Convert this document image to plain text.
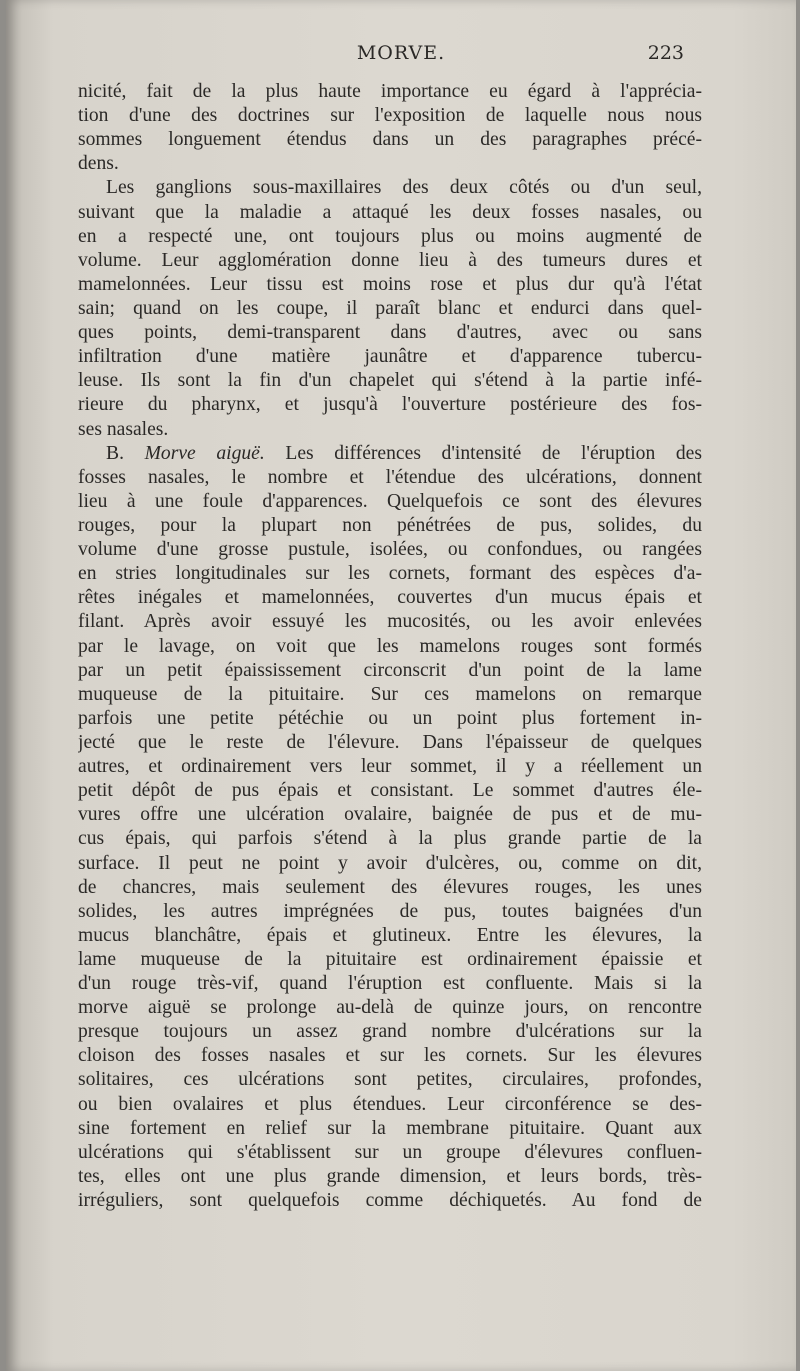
MORVE.	223
nicité, fait de la plus haute importance eu égard à l'apprécia-
tion d'une des doctrines sur l'exposition de laquelle nous nous
sommes longuement étendus dans un des paragraphes précé-
dens.
Les ganglions sous-maxillaires des deux côtés ou d'un seul,
suivant que la maladie a attaqué les deux fosses nasales, ou
en a respecté une, ont toujours plus ou moins augmenté de
volume. Leur agglomération donne lieu à des tumeurs dures et
mamelonnées. Leur tissu est moins rose et plus dur qu'à l'état
sain; quand on les coupe, il paraît blanc et endurci dans quel-
ques points, demi-transparent dans d'autres, avec ou sans
infiltration d'une matière jaunâtre et d'apparence tubercu-
leuse. Ils sont la fin d'un chapelet qui s'étend à la partie infé-
rieure du pharynx, et jusqu'à l'ouverture postérieure des fos-
ses nasales.
B. Morve aiguë. Les différences d'intensité de l'éruption des
fosses nasales, le nombre et l'étendue des ulcérations, donnent
lieu à une foule d'apparences. Quelquefois ce sont des élevures
rouges, pour la plupart non pénétrées de pus, solides, du
volume d'une grosse pustule, isolées, ou confondues, ou rangées
en stries longitudinales sur les cornets, formant des espèces d'a-
rêtes inégales et mamelonnées, couvertes d'un mucus épais et
filant. Après avoir essuyé les mucosités, ou les avoir enlevées
par le lavage, on voit que les mamelons rouges sont formés
par un petit épaississement circonscrit d'un point de la lame
muqueuse de la pituitaire. Sur ces mamelons on remarque
parfois une petite pétéchie ou un point plus fortement in-
jecté que le reste de l'élevure. Dans l'épaisseur de quelques
autres, et ordinairement vers leur sommet, il y a réellement un
petit dépôt de pus épais et consistant. Le sommet d'autres éle-
vures offre une ulcération ovalaire, baignée de pus et de mu-
cus épais, qui parfois s'étend à la plus grande partie de la
surface. Il peut ne point y avoir d'ulcères, ou, comme on dit,
de chancres, mais seulement des élevures rouges, les unes
solides, les autres imprégnées de pus, toutes baignées d'un
mucus blanchâtre, épais et glutineux. Entre les élevures, la
lame muqueuse de la pituitaire est ordinairement épaissie et
d'un rouge très-vif, quand l'éruption est confluente. Mais si la
morve aiguë se prolonge au-delà de quinze jours, on rencontre
presque toujours un assez grand nombre d'ulcérations sur la
cloison des fosses nasales et sur les cornets. Sur les élevures
solitaires, ces ulcérations sont petites, circulaires, profondes,
ou bien ovalaires et plus étendues. Leur circonférence se des-
sine fortement en relief sur la membrane pituitaire. Quant aux
ulcérations qui s'établissent sur un groupe d'élevures confluen-
tes, elles ont une plus grande dimension, et leurs bords, très-
irréguliers, sont quelquefois comme déchiquetés. Au fond de
